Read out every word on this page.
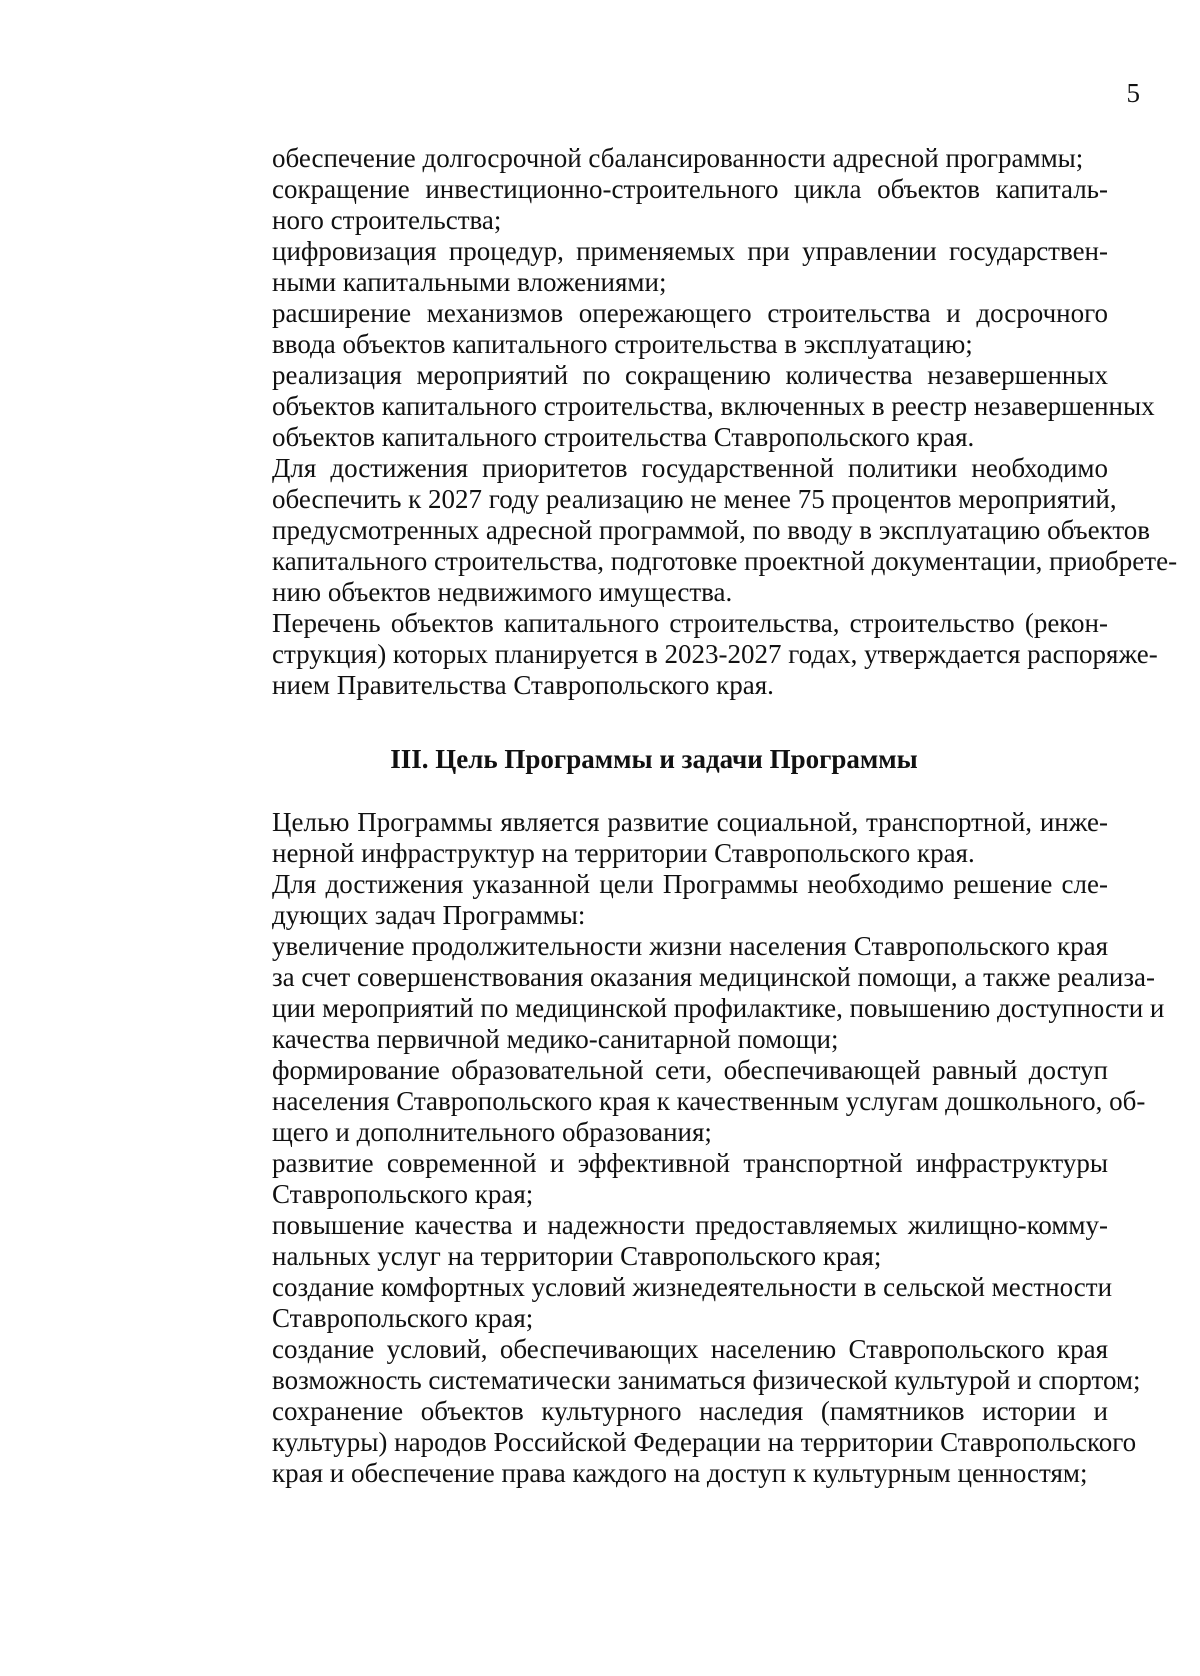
5

обеспечение долгосрочной сбалансированности адресной программы;

сокращение инвестиционно-строительного цикла объектов капиталь-
ного строительства;

цифровизация процедур, применяемых при управлении государствен-
ными капитальными вложениями;

расширение механизмов опережающего строительства и досрочного
ввода объектов капитального строительства в эксплуатацию;

реализация мероприятий по сокращению количества незавершенных
объектов капитального строительства, включенных в реестр незавершенных
объектов капитального строительства Ставропольского края.

Для достижения приоритетов государственной политики необходимо
обеспечить к 2027 году реализацию не менее 75 процентов мероприятий,
предусмотренных адресной программой, по вводу в эксплуатацию объектов
капитального строительства, подготовке проектной документации, приобрете-
нию объектов недвижимого имущества.

Перечень объектов капитального строительства, строительство (рекон-
струкция) которых планируется в 2023-2027 годах, утверждается распоряже-
нием Правительства Ставропольского края.

III. Цель Программы и задачи Программы

Целью Программы является развитие социальной, транспортной, инже-
нерной инфраструктур на территории Ставропольского края.

Для достижения указанной цели Программы необходимо решение сле-
дующих задач Программы:

увеличение продолжительности жизни населения Ставропольского края
за счет совершенствования оказания медицинской помощи, а также реализа-
ции мероприятий по медицинской профилактике, повышению доступности и
качества первичной медико-санитарной помощи;

формирование образовательной сети, обеспечивающей равный доступ
населения Ставропольского края к качественным услугам дошкольного, об-
щего и дополнительного образования;

развитие современной и эффективной транспортной инфраструктуры
Ставропольского края;

повышение качества и надежности предоставляемых жилищно-комму-
нальных услуг на территории Ставропольского края;

создание комфортных условий жизнедеятельности в сельской местности
Ставропольского края;

создание условий, обеспечивающих населению Ставропольского края
возможность систематически заниматься физической культурой и спортом;

сохранение объектов культурного наследия (памятников истории и
культуры) народов Российской Федерации на территории Ставропольского
края и обеспечение права каждого на доступ к культурным ценностям;
